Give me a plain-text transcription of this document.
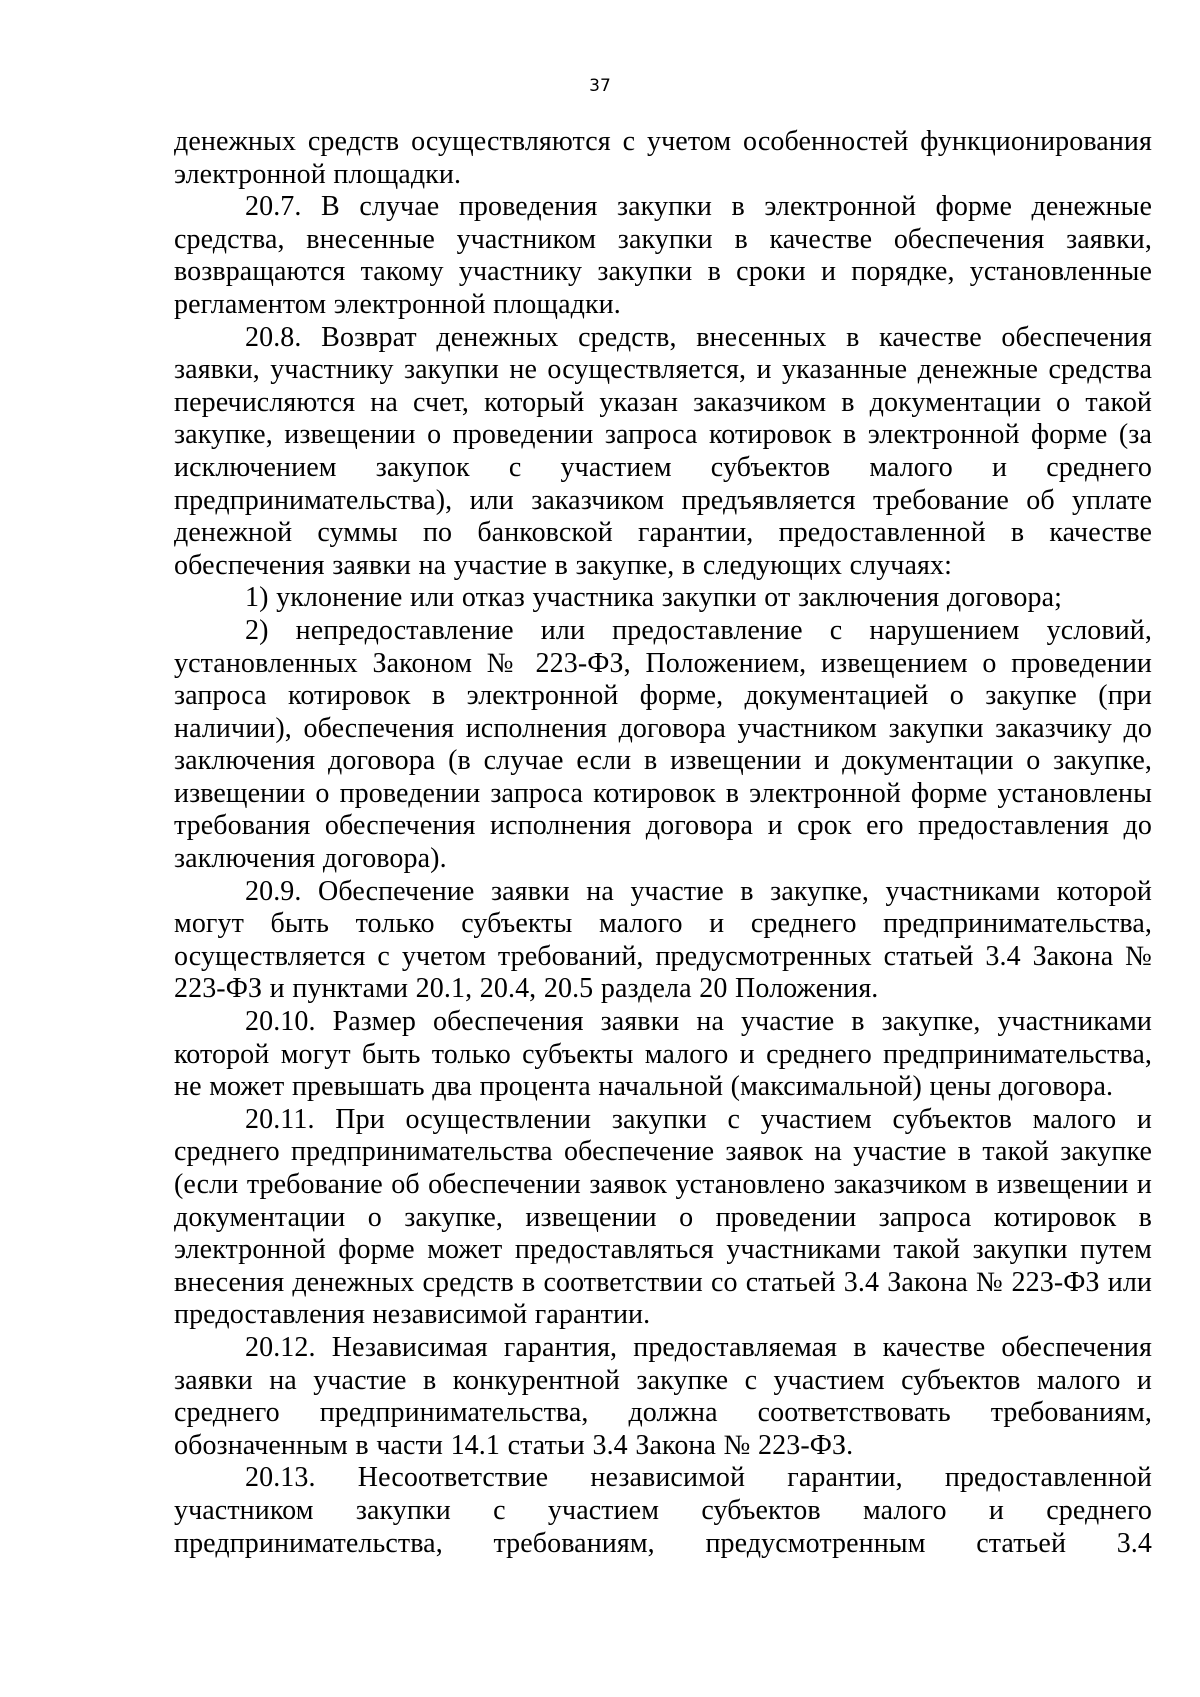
37

денежных средств осуществляются с учетом особенностей функционирования электронной площадки.

20.7. В случае проведения закупки в электронной форме денежные средства, внесенные участником закупки в качестве обеспечения заявки, возвращаются такому участнику закупки в сроки и порядке, установленные регламентом электронной площадки.

20.8. Возврат денежных средств, внесенных в качестве обеспечения заявки, участнику закупки не осуществляется, и указанные денежные средства перечисляются на счет, который указан заказчиком в документации о такой закупке, извещении о проведении запроса котировок в электронной форме (за исключением закупок с участием субъектов малого и среднего предпринимательства), или заказчиком предъявляется требование об уплате денежной суммы по банковской гарантии, предоставленной в качестве обеспечения заявки на участие в закупке, в следующих случаях:

1) уклонение или отказ участника закупки от заключения договора;

2) непредоставление или предоставление с нарушением условий, установленных Законом № 223-ФЗ, Положением, извещением о проведении запроса котировок в электронной форме, документацией о закупке (при наличии), обеспечения исполнения договора участником закупки заказчику до заключения договора (в случае если в извещении и документации о закупке, извещении о проведении запроса котировок в электронной форме установлены требования обеспечения исполнения договора и срок его предоставления до заключения договора).

20.9. Обеспечение заявки на участие в закупке, участниками которой могут быть только субъекты малого и среднего предпринимательства, осуществляется с учетом требований, предусмотренных статьей 3.4 Закона № 223-ФЗ и пунктами 20.1, 20.4, 20.5 раздела 20 Положения.

20.10. Размер обеспечения заявки на участие в закупке, участниками которой могут быть только субъекты малого и среднего предпринимательства, не может превышать два процента начальной (максимальной) цены договора.

20.11. При осуществлении закупки с участием субъектов малого и среднего предпринимательства обеспечение заявок на участие в такой закупке (если требование об обеспечении заявок установлено заказчиком в извещении и документации о закупке, извещении о проведении запроса котировок в электронной форме может предоставляться участниками такой закупки путем внесения денежных средств в соответствии со статьей 3.4 Закона № 223-ФЗ или предоставления независимой гарантии.

20.12. Независимая гарантия, предоставляемая в качестве обеспечения заявки на участие в конкурентной закупке с участием субъектов малого и среднего предпринимательства, должна соответствовать требованиям, обозначенным в части 14.1 статьи 3.4 Закона № 223-ФЗ.

20.13. Несоответствие независимой гарантии, предоставленной участником закупки с участием субъектов малого и среднего предпринимательства, требованиям, предусмотренным статьей 3.4
